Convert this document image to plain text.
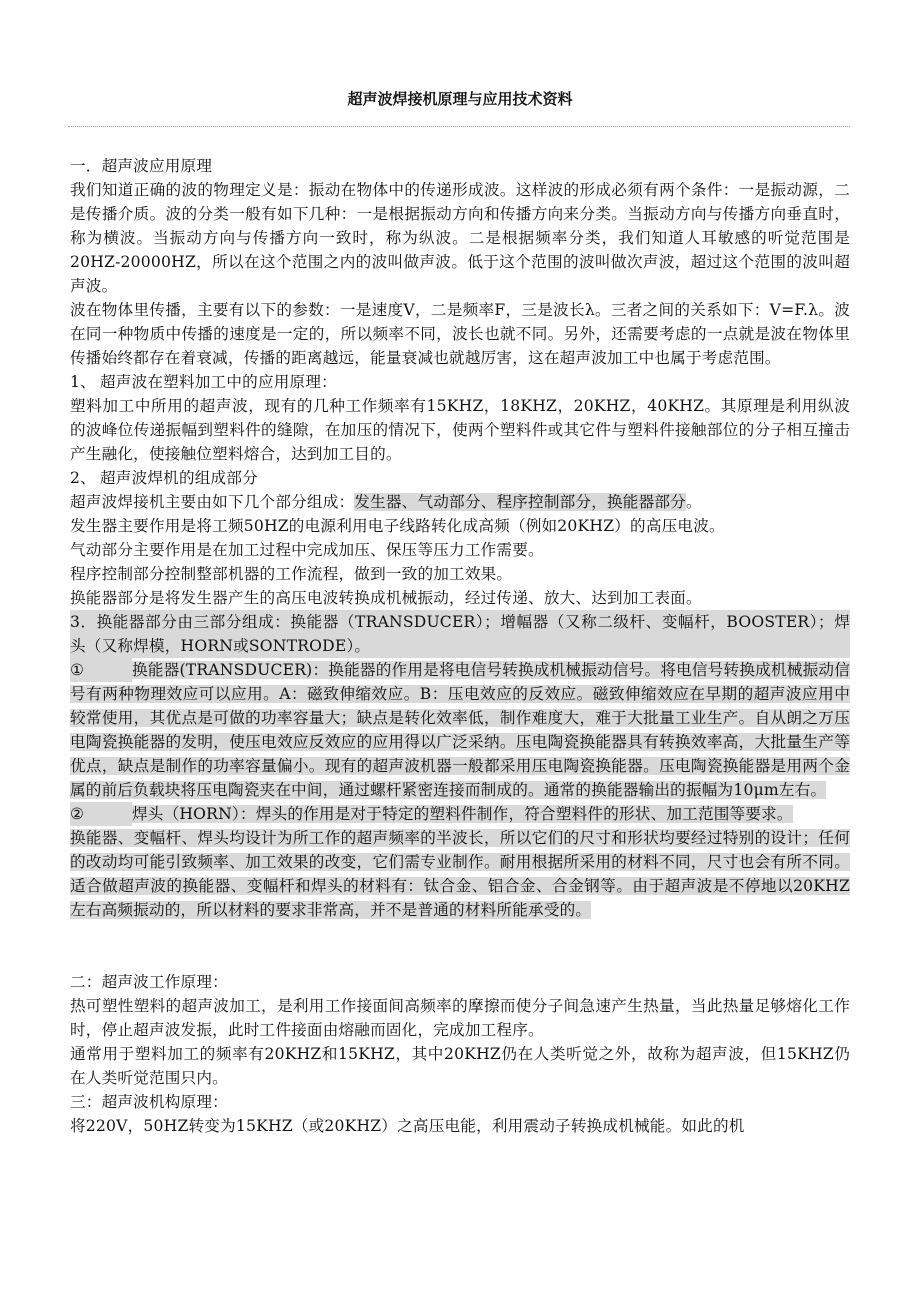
超声波焊接机原理与应用技术资料

一．超声波应用原理

我们知道正确的波的物理定义是：振动在物体中的传递形成波。这样波的形成必须有两个条件：一是振动源，二是传播介质。波的分类一般有如下几种：一是根据振动方向和传播方向来分类。当振动方向与传播方向垂直时，称为横波。当振动方向与传播方向一致时，称为纵波。二是根据频率分类，我们知道人耳敏感的听觉范围是20HZ-20000HZ，所以在这个范围之内的波叫做声波。低于这个范围的波叫做次声波，超过这个范围的波叫超声波。

波在物体里传播，主要有以下的参数：一是速度V，二是频率F，三是波长λ。三者之间的关系如下：V=F.λ。波在同一种物质中传播的速度是一定的，所以频率不同，波长也就不同。另外，还需要考虑的一点就是波在物体里传播始终都存在着衰减，传播的距离越远，能量衰减也就越厉害，这在超声波加工中也属于考虑范围。

1、 超声波在塑料加工中的应用原理：

塑料加工中所用的超声波，现有的几种工作频率有15KHZ，18KHZ，20KHZ，40KHZ。其原理是利用纵波的波峰位传递振幅到塑料件的缝隙，在加压的情况下，使两个塑料件或其它件与塑料件接触部位的分子相互撞击产生融化，使接触位塑料熔合，达到加工目的。

2、 超声波焊机的组成部分

超声波焊接机主要由如下几个部分组成：发生器、气动部分、程序控制部分，换能器部分。

发生器主要作用是将工频50HZ的电源利用电子线路转化成高频（例如20KHZ）的高压电波。

气动部分主要作用是在加工过程中完成加压、保压等压力工作需要。

程序控制部分控制整部机器的工作流程，做到一致的加工效果。

换能器部分是将发生器产生的高压电波转换成机械振动，经过传递、放大、达到加工表面。

3．换能器部分由三部分组成：换能器（TRANSDUCER）；增幅器（又称二级杆、变幅杆，BOOSTER）；焊头（又称焊模，HORN或SONTRODE）。

①	换能器(TRANSDUCER)：换能器的作用是将电信号转换成机械振动信号。将电信号转换成机械振动信号有两种物理效应可以应用。A：磁致伸缩效应。B：压电效应的反效应。磁致伸缩效应在早期的超声波应用中较常使用，其优点是可做的功率容量大；缺点是转化效率低，制作难度大，难于大批量工业生产。自从朗之万压电陶瓷换能器的发明，使压电效应反效应的应用得以广泛采纳。压电陶瓷换能器具有转换效率高，大批量生产等优点，缺点是制作的功率容量偏小。现有的超声波机器一般都采用压电陶瓷换能器。压电陶瓷换能器是用两个金属的前后负载块将压电陶瓷夹在中间，通过螺杆紧密连接而制成的。通常的换能器输出的振幅为10μm左右。

②	焊头（HORN）：焊头的作用是对于特定的塑料件制作，符合塑料件的形状、加工范围等要求。

换能器、变幅杆、焊头均设计为所工作的超声频率的半波长，所以它们的尺寸和形状均要经过特别的设计；任何的改动均可能引致频率、加工效果的改变，它们需专业制作。耐用根据所采用的材料不同，尺寸也会有所不同。适合做超声波的换能器、变幅杆和焊头的材料有：钛合金、铝合金、合金钢等。由于超声波是不停地以20KHZ左右高频振动的，所以材料的要求非常高，并不是普通的材料所能承受的。

二：超声波工作原理：

热可塑性塑料的超声波加工，是利用工作接面间高频率的摩擦而使分子间急速产生热量，当此热量足够熔化工作时，停止超声波发振，此时工件接面由熔融而固化，完成加工程序。

通常用于塑料加工的频率有20KHZ和15KHZ，其中20KHZ仍在人类听觉之外，故称为超声波，但15KHZ仍在人类听觉范围只内。

三：超声波机构原理：

将220V，50HZ转变为15KHZ（或20KHZ）之高压电能，利用震动子转换成机械能。如此的机
